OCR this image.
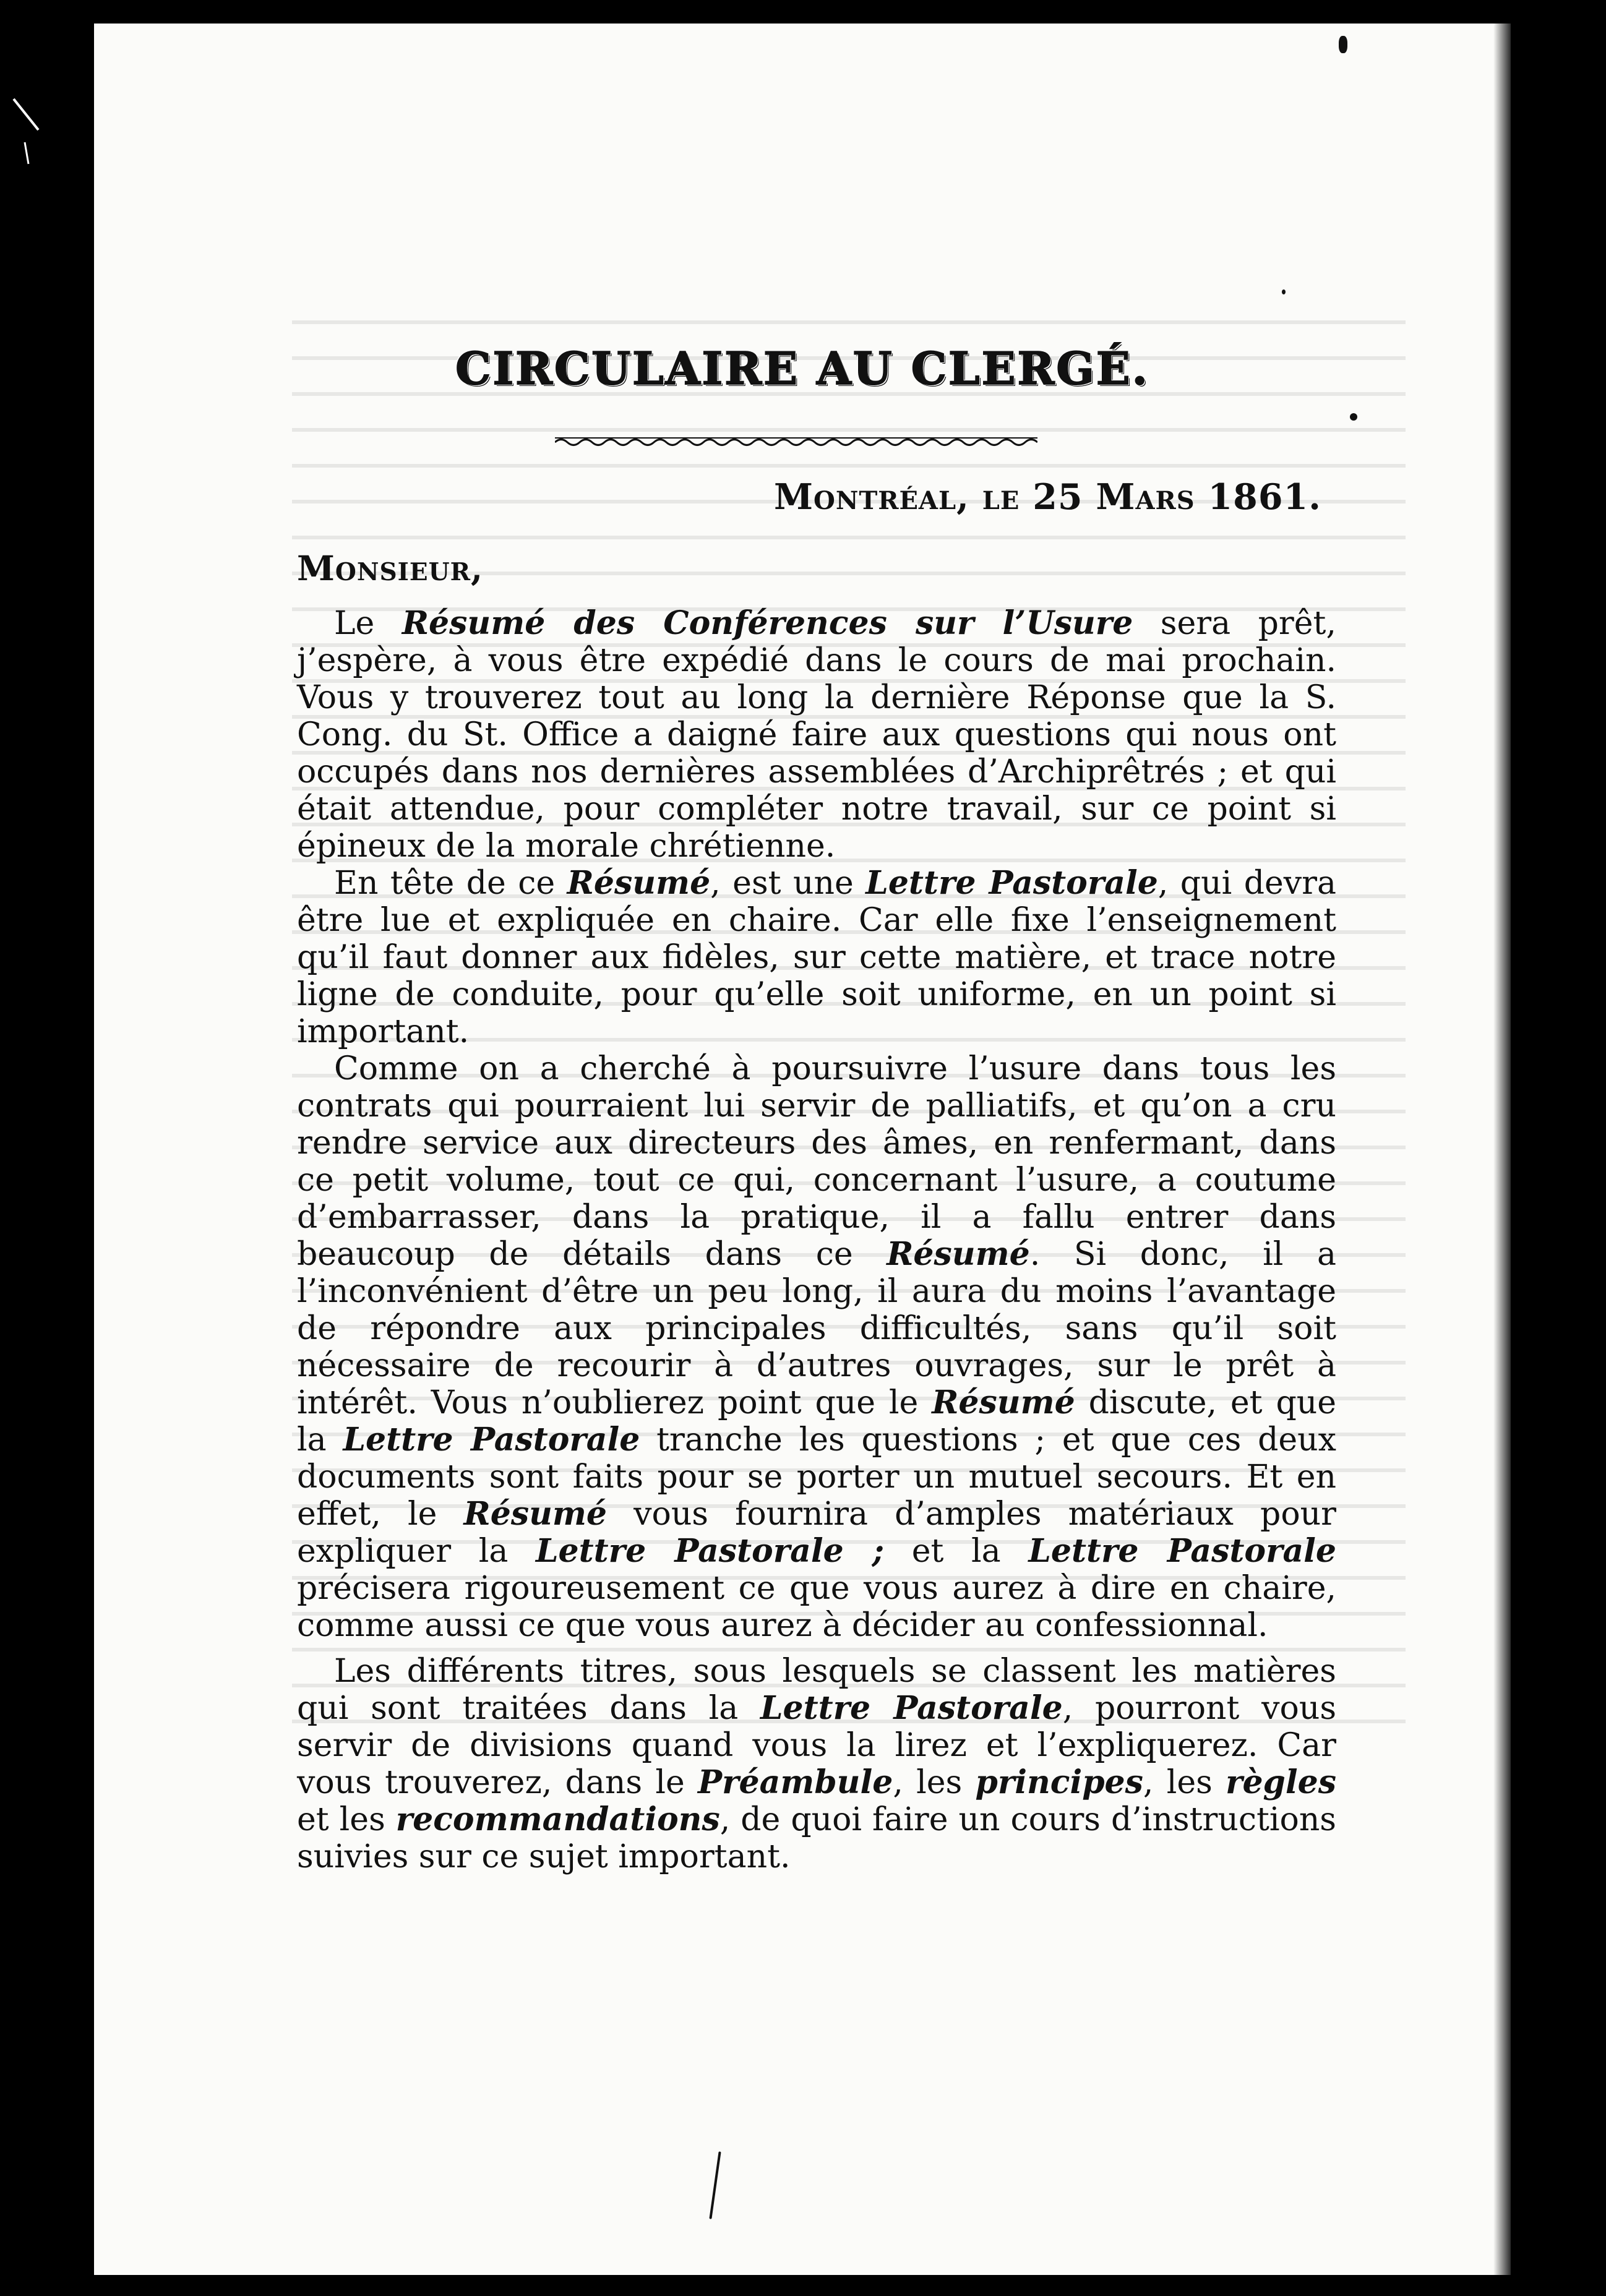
CIRCULAIRE AU CLERGÉ.
Montréal, le 25 Mars 1861.
Monsieur,

Le Résumé des Conférences sur l’Usure sera prêt, j’espère, à vous être expédié dans le cours de mai prochain. Vous y trouverez tout au long la dernière Réponse que la S. Cong. du St. Office a daigné faire aux questions qui nous ont occupés dans nos dernières assemblées d’Archiprêtrés ; et qui était attendue, pour compléter notre travail, sur ce point si épineux de la morale chrétienne.

En tête de ce Résumé, est une Lettre Pastorale, qui devra être lue et expliquée en chaire. Car elle fixe l’enseignement qu’il faut donner aux fidèles, sur cette matière, et trace notre ligne de conduite, pour qu’elle soit uniforme, en un point si important.

Comme on a cherché à poursuivre l’usure dans tous les contrats qui pourraient lui servir de palliatifs, et qu’on a cru rendre service aux directeurs des âmes, en renfermant, dans ce petit volume, tout ce qui, concernant l’usure, a coutume d’embarrasser, dans la pratique, il a fallu entrer dans beaucoup de détails dans ce Résumé. Si donc, il a l’inconvénient d’être un peu long, il aura du moins l’avantage de répondre aux principales difficultés, sans qu’il soit nécessaire de recourir à d’autres ouvrages, sur le prêt à intérêt. Vous n’oublierez point que le Résumé discute, et que la Lettre Pastorale tranche les questions ; et que ces deux documents sont faits pour se porter un mutuel secours. Et en effet, le Résumé vous fournira d’amples matériaux pour expliquer la Lettre Pastorale ; et la Lettre Pastorale précisera rigoureusement ce que vous aurez à dire en chaire, comme aussi ce que vous aurez à décider au confessionnal.

Les différents titres, sous lesquels se classent les matières qui sont traitées dans la Lettre Pastorale, pourront vous servir de divisions quand vous la lirez et l’expliquerez. Car vous trouverez, dans le Préambule, les principes, les règles et les recommandations, de quoi faire un cours d’instructions suivies sur ce sujet important.
